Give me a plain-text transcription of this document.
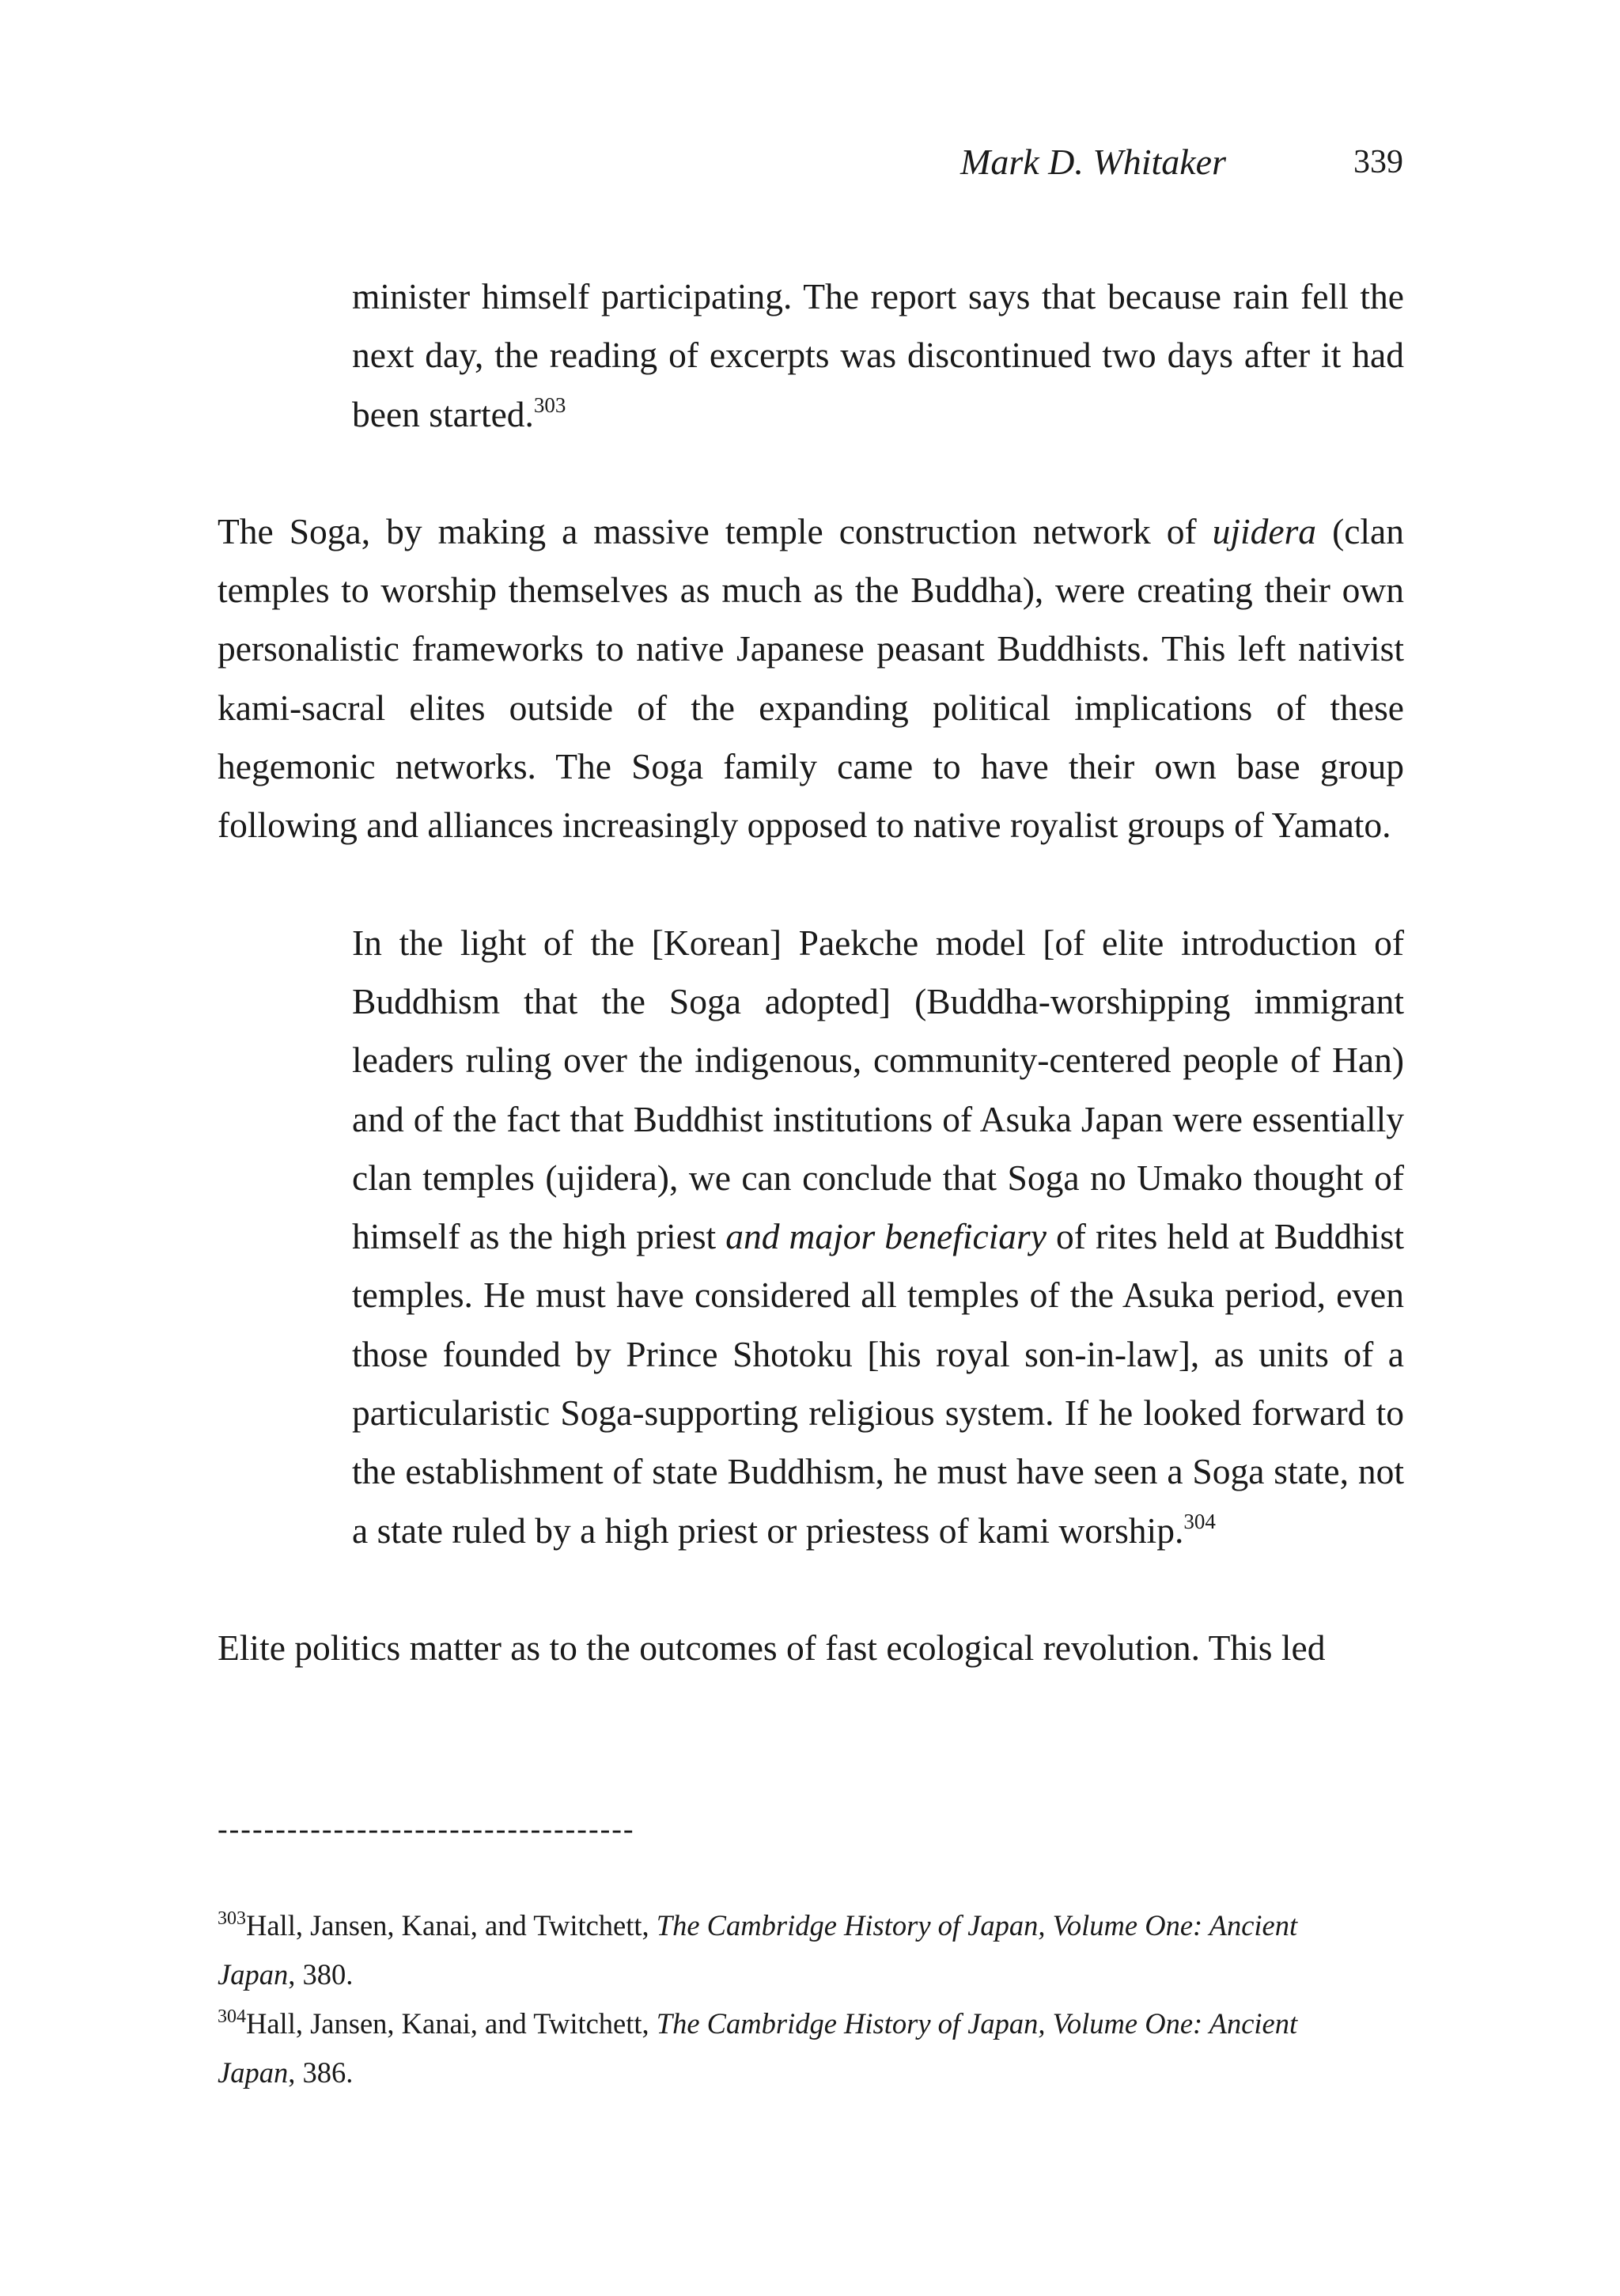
Mark D. Whitaker	339

minister himself participating. The report says that because rain fell the next day, the reading of excerpts was discontinued two days after it had been started.$^{303}$

The Soga, by making a massive temple construction network of ujidera (clan temples to worship themselves as much as the Buddha), were creating their own personalistic frameworks to native Japanese peasant Buddhists. This left nativist kami-sacral elites outside of the expanding political implications of these hegemonic networks. The Soga family came to have their own base group following and alliances increasingly opposed to native royalist groups of Yamato.

In the light of the [Korean] Paekche model [of elite introduction of Buddhism that the Soga adopted] (Buddha-worshipping immigrant leaders ruling over the indigenous, community-centered people of Han) and of the fact that Buddhist institutions of Asuka Japan were essentially clan temples (ujidera), we can conclude that Soga no Umako thought of himself as the high priest and major beneficiary of rites held at Buddhist temples. He must have considered all temples of the Asuka period, even those founded by Prince Shotoku [his royal son-in-law], as units of a particularistic Soga-supporting religious system. If he looked forward to the establishment of state Buddhism, he must have seen a Soga state, not a state ruled by a high priest or priestess of kami worship.$^{304}$

Elite politics matter as to the outcomes of fast ecological revolution. This led

------------------------------------

$^{303}$Hall, Jansen, Kanai, and Twitchett, The Cambridge History of Japan, Volume One: Ancient Japan, 380.

$^{304}$Hall, Jansen, Kanai, and Twitchett, The Cambridge History of Japan, Volume One: Ancient Japan, 386.
